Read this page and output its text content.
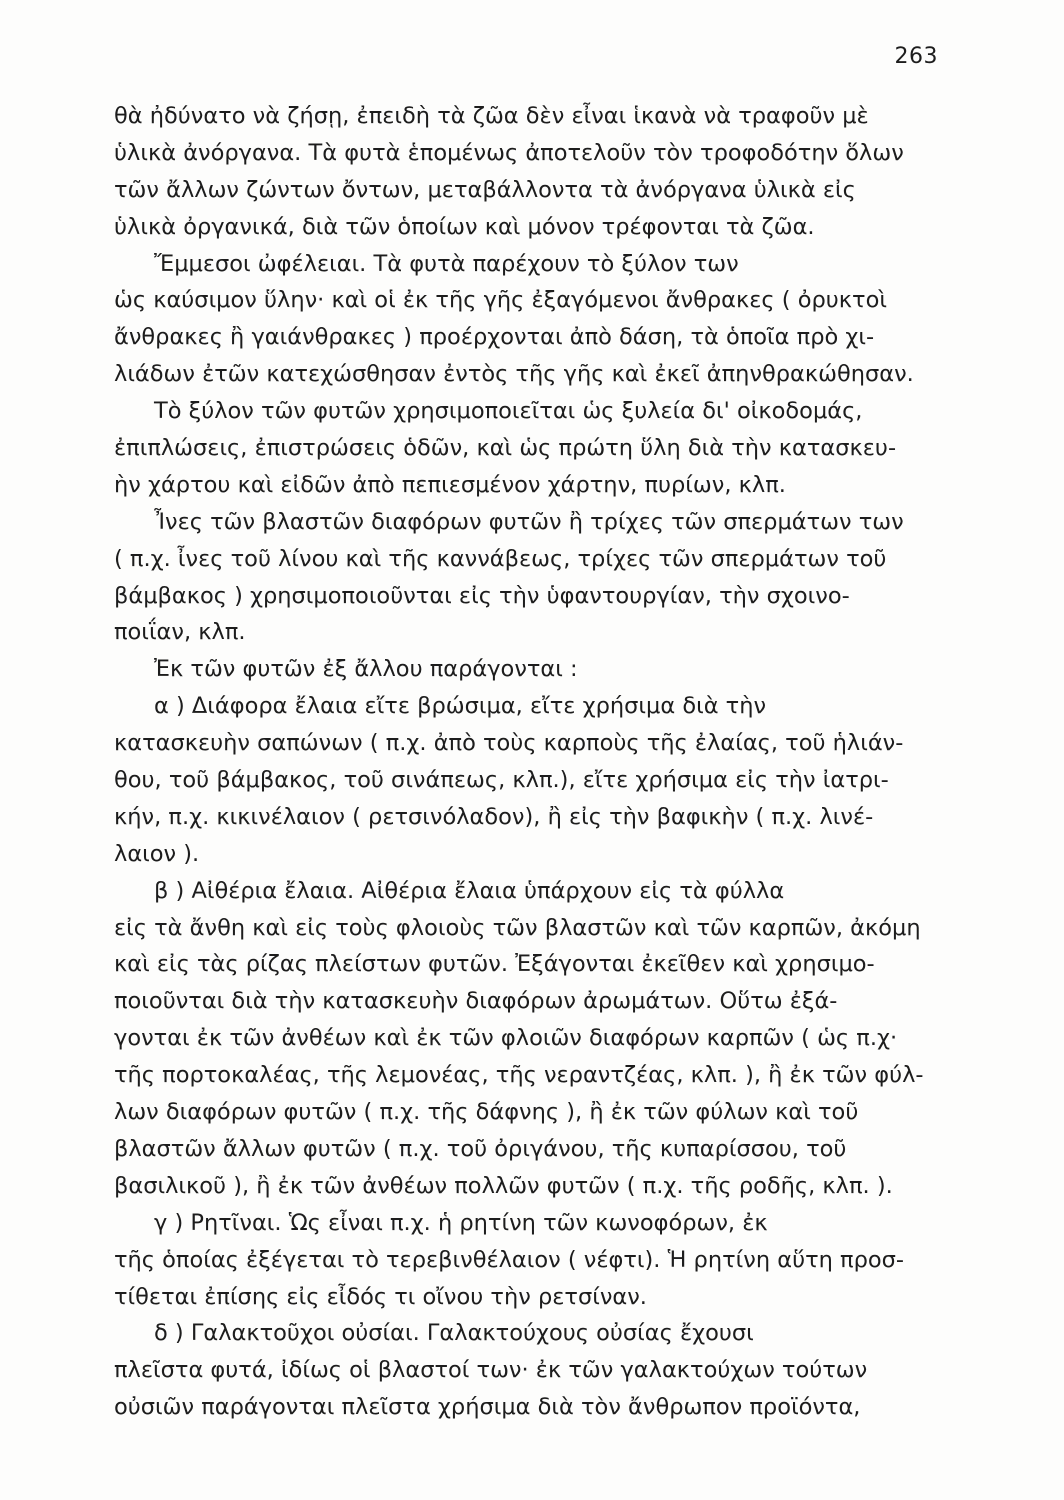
263
θὰ ἠδύνατο νὰ ζήσῃ, ἐπειδὴ τὰ ζῶα δὲν εἶναι ἱκανὰ νὰ τραφοῦν μὲ
ὑλικὰ ἀνόργανα. Τὰ φυτὰ ἑπομένως ἀποτελοῦν τὸν τροφοδότην ὅλων
τῶν ἄλλων ζώντων ὄντων, μεταβάλλοντα τὰ ἀνόργανα ὑλικὰ εἰς
ὑλικὰ ὀργανικά, διὰ τῶν ὁποίων καὶ μόνον τρέφονται τὰ ζῶα.
Ἔμμεσοι ὠφέλειαι. Τὰ φυτὰ παρέχουν τὸ ξύλον των
ὡς καύσιμον ὕλην· καὶ οἱ ἐκ τῆς γῆς ἐξαγόμενοι ἄνθρακες ( ὀρυκτοὶ
ἄνθρακες ἢ γαιάνθρακες ) προέρχονται ἀπὸ δάση, τὰ ὁποῖα πρὸ χι-
λιάδων ἐτῶν κατεχώσθησαν ἐντὸς τῆς γῆς καὶ ἐκεῖ ἀπηνθρακώθησαν.
Τὸ ξύλον τῶν φυτῶν χρησιμοποιεῖται ὡς ξυλεία δι' οἰκοδομάς,
ἐπιπλώσεις, ἐπιστρώσεις ὁδῶν, καὶ ὡς πρώτη ὕλη διὰ τὴν κατασκευ-
ὴν χάρτου καὶ εἰδῶν ἀπὸ πεπιεσμένον χάρτην, πυρίων, κλπ.
Ἶνες τῶν βλαστῶν διαφόρων φυτῶν ἢ τρίχες τῶν σπερμάτων των
( π.χ. ἶνες τοῦ λίνου καὶ τῆς καννάβεως, τρίχες τῶν σπερμάτων τοῦ
βάμβακος ) χρησιμοποιοῦνται εἰς τὴν ὑφαντουργίαν, τὴν σχοινο-
ποιΐαν, κλπ.
Ἐκ τῶν φυτῶν ἐξ ἄλλου παράγονται :
α ) Διάφορα ἔλαια εἴτε βρώσιμα, εἴτε χρήσιμα διὰ τὴν
κατασκευὴν σαπώνων ( π.χ. ἀπὸ τοὺς καρποὺς τῆς ἐλαίας, τοῦ ἡλιάν-
θου, τοῦ βάμβακος, τοῦ σινάπεως, κλπ.), εἴτε χρήσιμα εἰς τὴν ἰατρι-
κήν, π.χ. κικινέλαιον ( ρετσινόλαδον), ἢ εἰς τὴν βαφικὴν ( π.χ. λινέ-
λαιον ).
β ) Αἰθέρια ἔλαια. Αἰθέρια ἔλαια ὑπάρχουν εἰς τὰ φύλλα
εἰς τὰ ἄνθη καὶ εἰς τοὺς φλοιοὺς τῶν βλαστῶν καὶ τῶν καρπῶν, ἀκόμη
καὶ εἰς τὰς ρίζας πλείστων φυτῶν. Ἐξάγονται ἐκεῖθεν καὶ χρησιμο-
ποιοῦνται διὰ τὴν κατασκευὴν διαφόρων ἀρωμάτων. Οὕτω ἐξά-
γονται ἐκ τῶν ἀνθέων καὶ ἐκ τῶν φλοιῶν διαφόρων καρπῶν ( ὡς π.χ·
τῆς πορτοκαλέας, τῆς λεμονέας, τῆς νεραντζέας, κλπ. ), ἢ ἐκ τῶν φύλ-
λων διαφόρων φυτῶν ( π.χ. τῆς δάφνης ), ἢ ἐκ τῶν φύλων καὶ τοῦ
βλαστῶν ἄλλων φυτῶν ( π.χ. τοῦ ὀριγάνου, τῆς κυπαρίσσου, τοῦ
βασιλικοῦ ), ἢ ἐκ τῶν ἀνθέων πολλῶν φυτῶν ( π.χ. τῆς ροδῆς, κλπ. ).
γ ) Ρητῖναι. Ὡς εἶναι π.χ. ἡ ρητίνη τῶν κωνοφόρων, ἐκ
τῆς ὁποίας ἐξέγεται τὸ τερεβινθέλαιον ( νέφτι). Ἡ ρητίνη αὕτη προσ-
τίθεται ἐπίσης εἰς εἶδός τι οἴνου τὴν ρετσίναν.
δ ) Γαλακτοῦχοι οὐσίαι. Γαλακτούχους οὐσίας ἔχουσι
πλεῖστα φυτά, ἰδίως οἱ βλαστοί των· ἐκ τῶν γαλακτούχων τούτων
οὐσιῶν παράγονται πλεῖστα χρήσιμα διὰ τὸν ἄνθρωπον προϊόντα,
